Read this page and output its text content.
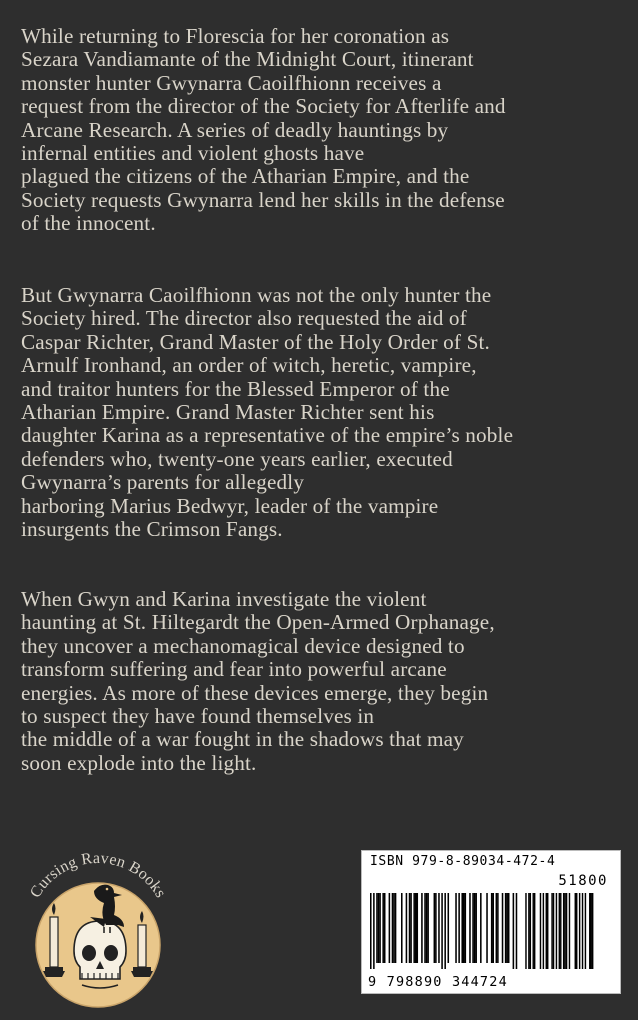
While returning to Florescia for her coronation as
Sezara Vandiamante of the Midnight Court, itinerant
monster hunter Gwynarra Caoilfhionn receives a
request from the director of the Society for Afterlife and
Arcane Research. A series of deadly hauntings by
infernal entities and violent ghosts have
plagued the citizens of the Atharian Empire, and the
Society requests Gwynarra lend her skills in the defense
of the innocent.
But Gwynarra Caoilfhionn was not the only hunter the
Society hired. The director also requested the aid of
Caspar Richter, Grand Master of the Holy Order of St.
Arnulf Ironhand, an order of witch, heretic, vampire,
and traitor hunters for the Blessed Emperor of the
Atharian Empire. Grand Master Richter sent his
daughter Karina as a representative of the empire’s noble
defenders who, twenty-one years earlier, executed
Gwynarra’s parents for allegedly
harboring Marius Bedwyr, leader of the vampire
insurgents the Crimson Fangs.
When Gwyn and Karina investigate the violent
haunting at St. Hiltegardt the Open-Armed Orphanage,
they uncover a mechanomagical device designed to
transform suffering and fear into powerful arcane
energies. As more of these devices emerge, they begin
to suspect they have found themselves in
the middle of a war fought in the shadows that may
soon explode into the light.
Cursing Raven Books
ISBN 979-8-89034-472-4
51800
9 798890 344724
